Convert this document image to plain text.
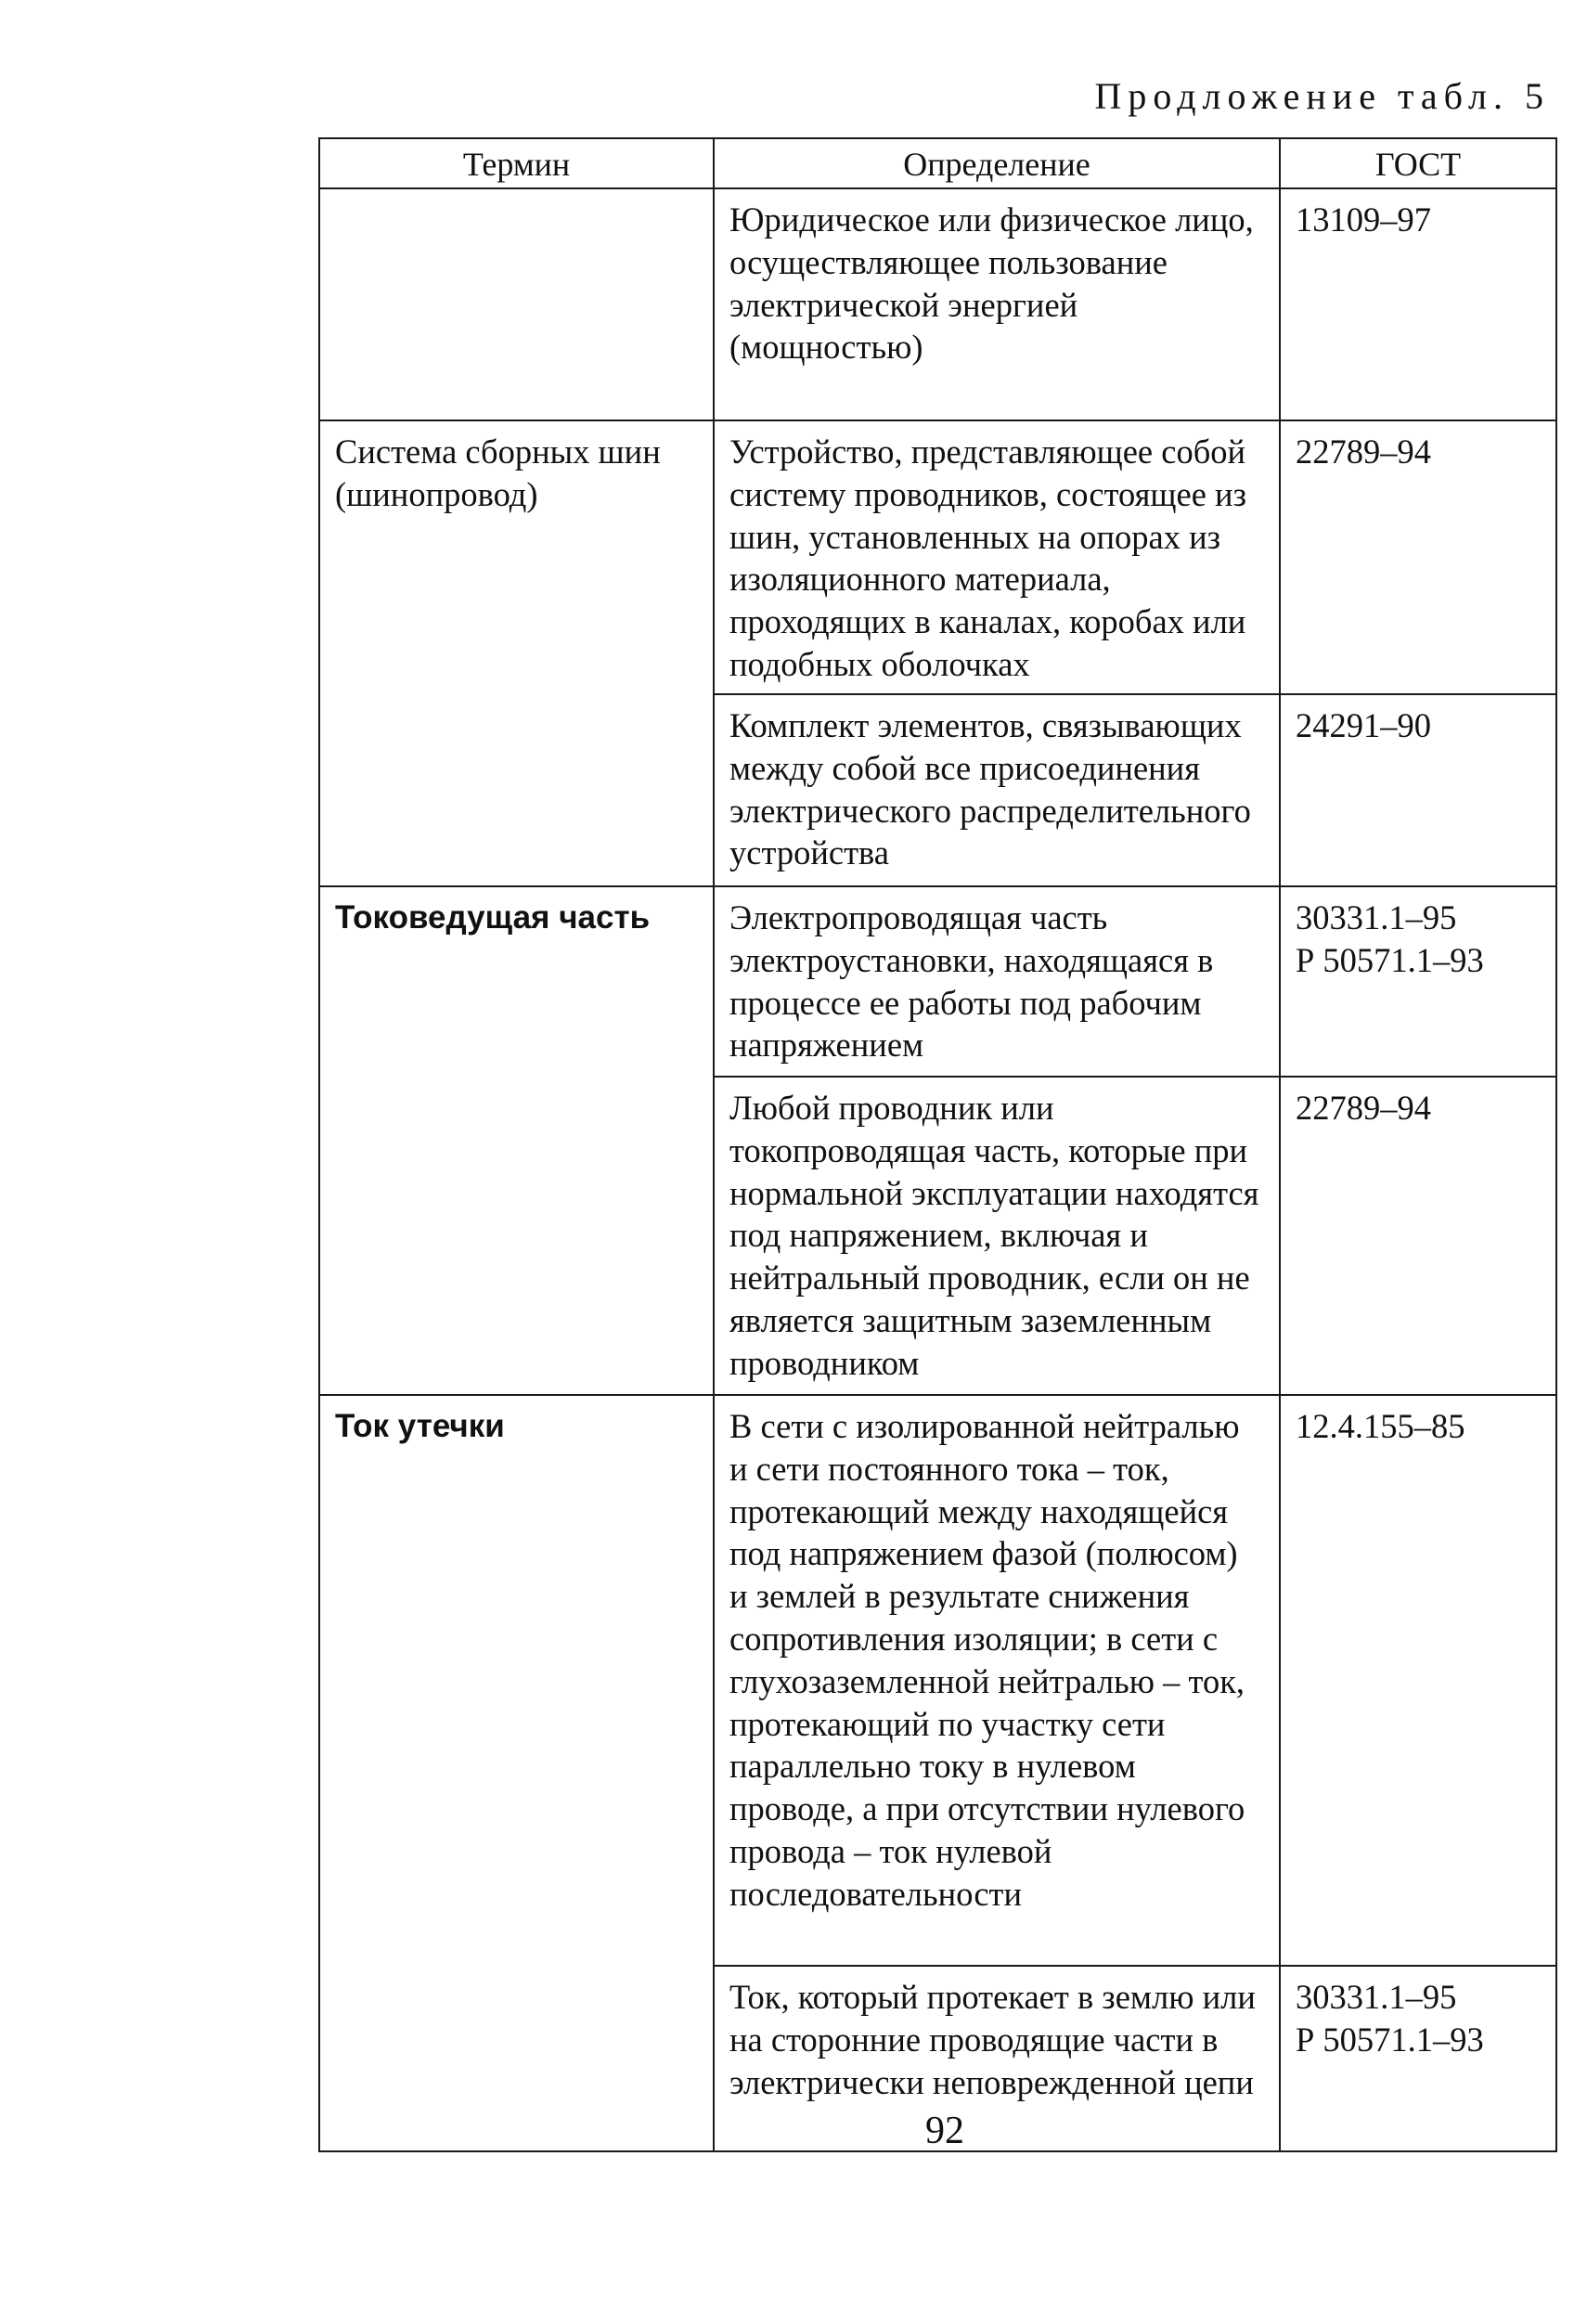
Продложение табл. 5
Термин	Определение	ГОСТ
	Юридическое или физическое лицо, осуществляющее пользование электрической энергией (мощностью)	13109–97

Система сборных шин (шинопровод)	Устройство, представляющее собой систему проводников, состоящее из шин, установленных на опорах из изоляционного материала, проходящих в каналах, коробах или подобных оболочках	22789–94

	Комплект элементов, связывающих между собой все присоединения электрического распределительного устройства	24291–90

Токоведущая часть	Электропроводящая часть электроустановки, находящаяся в процессе ее работы под рабочим напряжением	30331.1–95
Р 50571.1–93

	Любой проводник или токопроводящая часть, которые при нормальной эксплуатации находятся под напряжением, включая и нейтральный проводник, если он не является защитным заземленным проводником	22789–94

Ток утечки	В сети с изолированной нейтралью и сети постоянного тока – ток, протекающий между находящейся под напряжением фазой (полюсом) и землей в результате снижения сопротивления изоляции; в сети с глухозаземленной нейтралью – ток, протекающий по участку сети параллельно току в нулевом проводе, а при отсутствии нулевого провода – ток нулевой последовательности	12.4.155–85

	Ток, который протекает в землю или на сторонние проводящие части в электрически неповрежденной цепи	30331.1–95
Р 50571.1–93
92
